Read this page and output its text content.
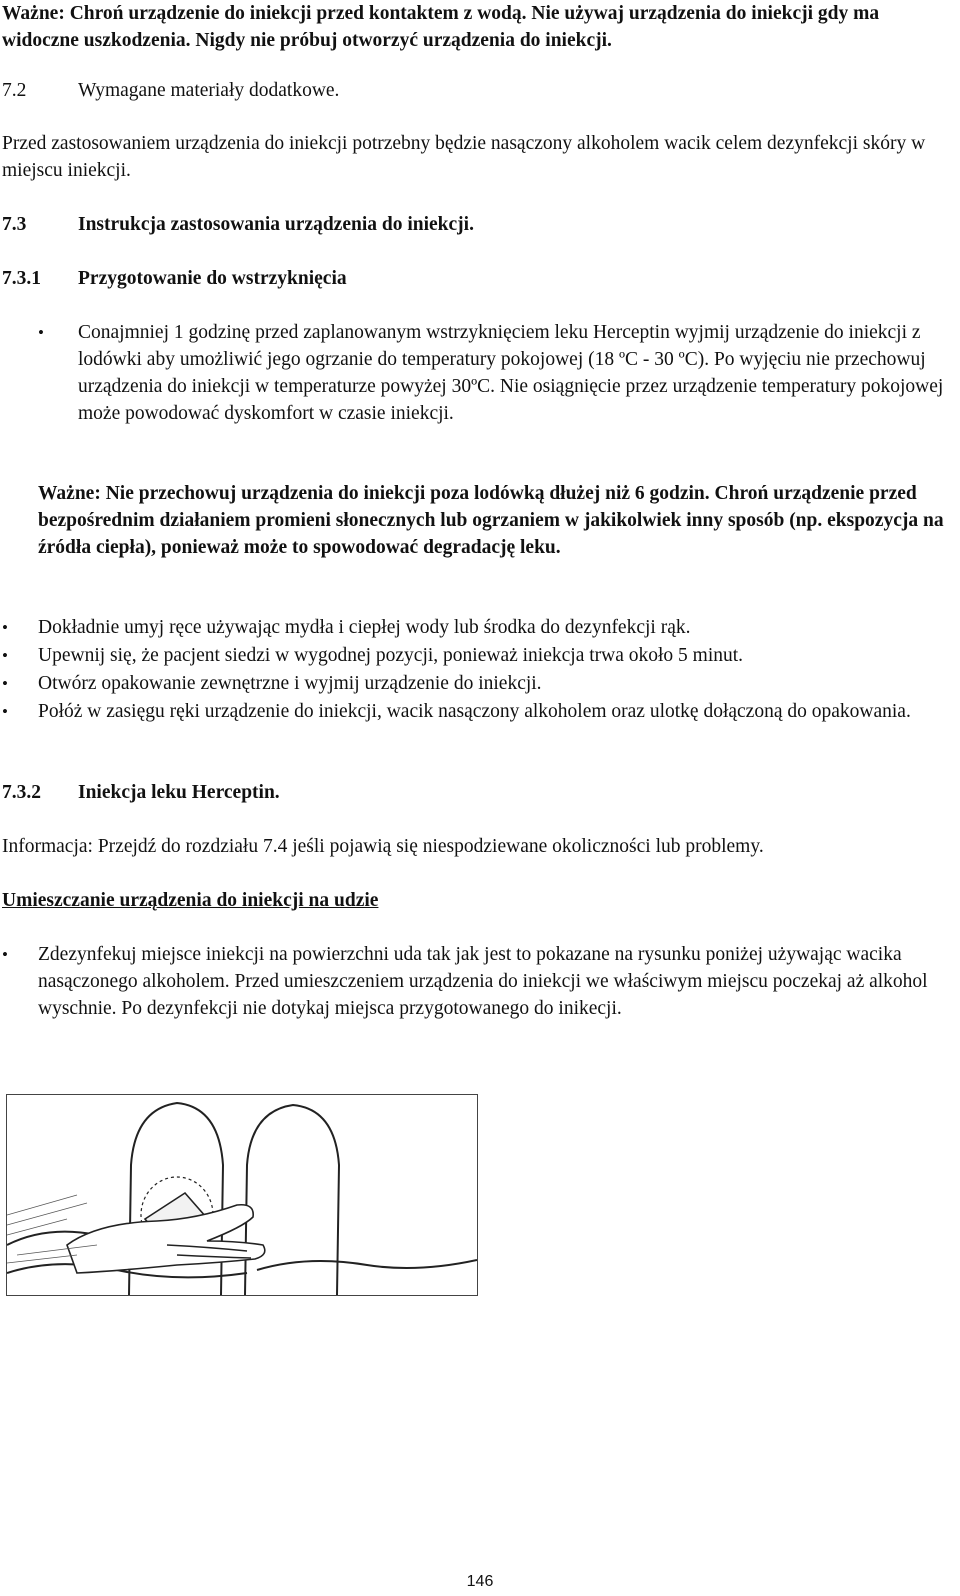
Ważne: Chroń urządzenie do iniekcji przed kontaktem z wodą. Nie używaj urządzenia do iniekcji gdy ma widoczne uszkodzenia. Nigdy nie próbuj otworzyć urządzenia do iniekcji.
7.2	Wymagane materiały dodatkowe.
Przed zastosowaniem urządzenia do iniekcji potrzebny będzie nasączony alkoholem wacik celem dezynfekcji skóry w miejscu iniekcji.
7.3	Instrukcja zastosowania urządzenia do iniekcji.
7.3.1 Przygotowanie do wstrzyknięcia
•	Conajmniej 1 godzinę przed zaplanowanym wstrzyknięciem leku Herceptin wyjmij urządzenie do iniekcji z lodówki aby umożliwić jego ogrzanie do temperatury pokojowej (18 ºC - 30 ºC). Po wyjęciu nie przechowuj urządzenia do iniekcji w temperaturze powyżej 30ºC. Nie osiągnięcie przez urządzenie temperatury pokojowej może powodować dyskomfort w czasie iniekcji.
Ważne: Nie przechowuj urządzenia do iniekcji poza lodówką dłużej niż 6 godzin. Chroń urządzenie przed bezpośrednim działaniem promieni słonecznych lub ogrzaniem w jakikolwiek inny sposób (np. ekspozycja na źródła ciepła), ponieważ może to spowodować degradację leku.
•	Dokładnie umyj ręce używając mydła i ciepłej wody lub środka do dezynfekcji rąk.
•	Upewnij się, że pacjent siedzi w wygodnej pozycji, ponieważ iniekcja trwa około 5 minut.
•	Otwórz opakowanie zewnętrzne i wyjmij urządzenie do iniekcji.
•	Połóż w zasięgu ręki urządzenie do iniekcji, wacik nasączony alkoholem oraz ulotkę dołączoną do opakowania.
7.3.2 Iniekcja leku Herceptin.
Informacja: Przejdź do rozdziału 7.4 jeśli pojawią się niespodziewane okoliczności lub problemy.
Umieszczanie urządzenia do iniekcji na udzie
•	Zdezynfekuj miejsce iniekcji na powierzchni uda tak jak jest to pokazane na rysunku poniżej używając wacika nasączonego alkoholem. Przed umieszczeniem urządzenia do iniekcji we właściwym miejscu poczekaj aż alkohol wyschnie. Po dezynfekcji nie dotykaj miejsca przygotowanego do inikecji.
146
